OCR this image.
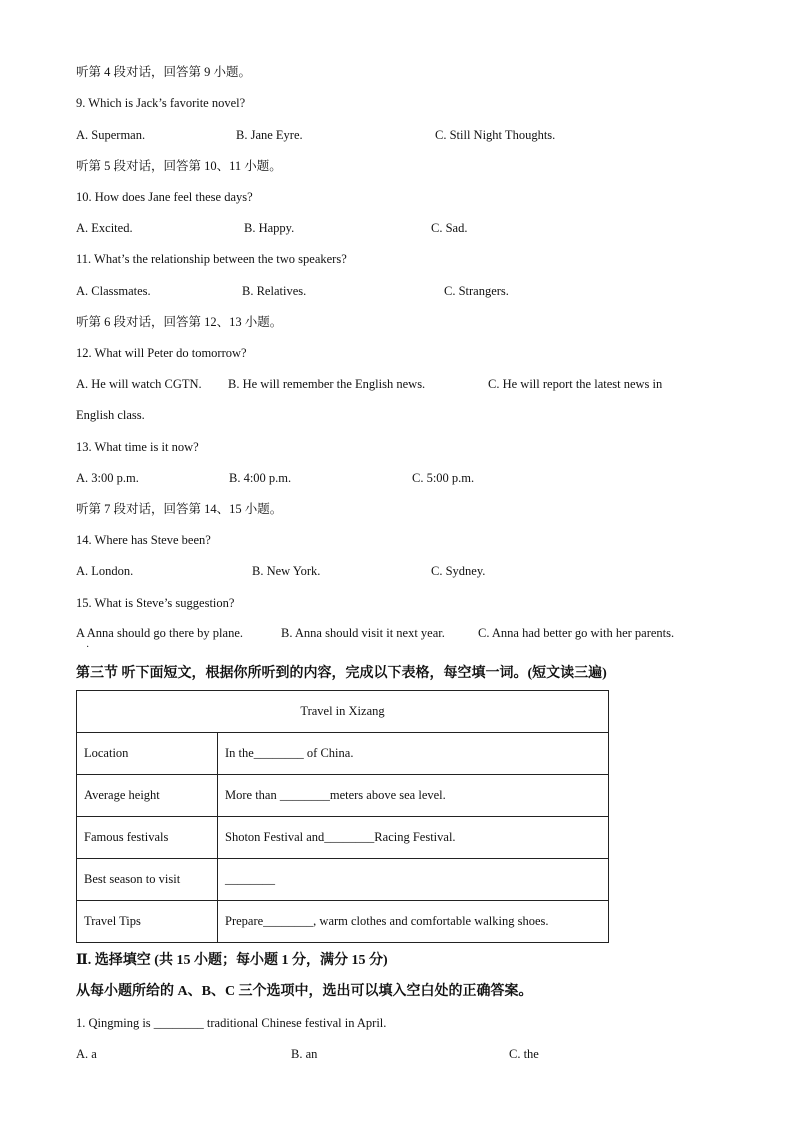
听第 4 段对话，回答第 9 小题。
9. Which is Jack’s favorite novel?
A. Superman.	B. Jane Eyre.	C. Still Night Thoughts.
听第 5 段对话，回答第 10、11 小题。
10. How does Jane feel these days?
A. Excited.	B. Happy.	C. Sad.
11. What’s the relationship between the two speakers?
A. Classmates.	B. Relatives.	C. Strangers.
听第 6 段对话，回答第 12、13 小题。
12. What will Peter do tomorrow?
A. He will watch CGTN. B. He will remember the English news.	C. He will report the latest news in
English class.
13. What time is it now?
A. 3:00 p.m.	B. 4:00 p.m.	C. 5:00 p.m.
听第 7 段对话，回答第 14、15 小题。
14. Where has Steve been?
A. London.	B. New York.	C. Sydney.
15. What is Steve’s suggestion?
A Anna should go there by plane.	B. Anna should visit it next year.	C. Anna had better go with her parents.
·
第三节 听下面短文，根据你所听到的内容，完成以下表格，每空填一词。(短文读三遍)
Travel in Xizang	
Location	In the________ of China.
Average height	More than ________meters above sea level.
Famous festivals	Shoton Festival and________Racing Festival.
Best season to visit	________
Travel Tips	Prepare________, warm clothes and comfortable walking shoes.
Ⅱ. 选择填空 (共 15 小题；每小题 1 分，满分 15 分)
从每小题所给的 A、B、C 三个选项中，选出可以填入空白处的正确答案。
1. Qingming is ________ traditional Chinese festival in April.
A. a	B. an	C. the
